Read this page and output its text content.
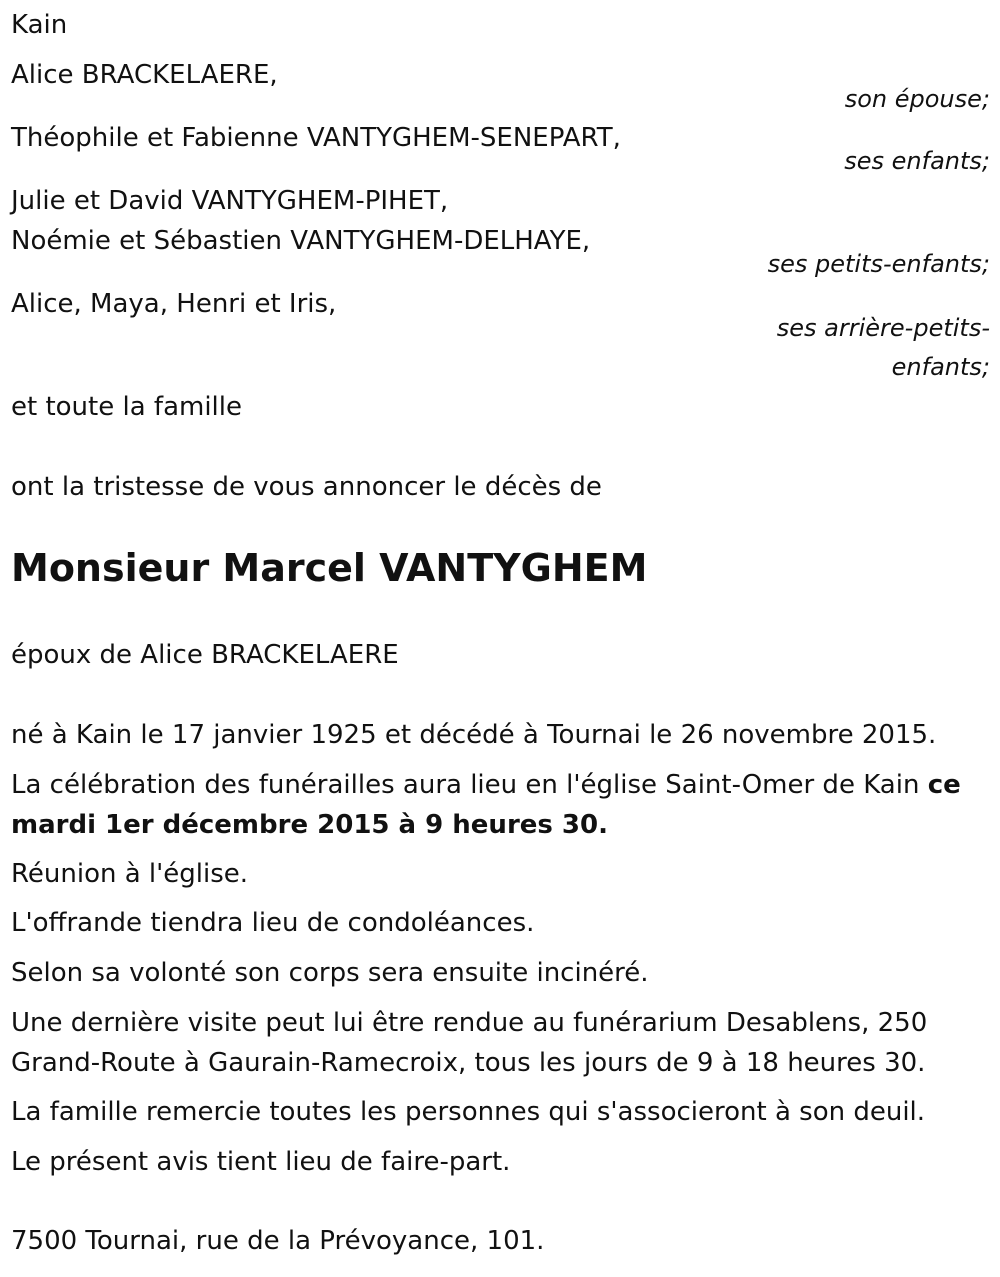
Kain
Alice BRACKELAERE,
son épouse;
Théophile et Fabienne VANTYGHEM-SENEPART,
ses enfants;
Julie et David VANTYGHEM-PIHET,
Noémie et Sébastien VANTYGHEM-DELHAYE,
ses petits-enfants;
Alice, Maya, Henri et Iris,
ses arrière-petits-
enfants;
et toute la famille
ont la tristesse de vous annoncer le décès de
Monsieur Marcel VANTYGHEM
époux de Alice BRACKELAERE
né à Kain le 17 janvier 1925 et décédé à Tournai le 26 novembre 2015.
La célébration des funérailles aura lieu en l'église Saint-Omer de Kain ce mardi 1er décembre 2015 à 9 heures 30.
Réunion à l'église.
L'offrande tiendra lieu de condoléances.
Selon sa volonté son corps sera ensuite incinéré.
Une dernière visite peut lui être rendue au funérarium Desablens, 250 Grand-Route à Gaurain-Ramecroix, tous les jours de 9 à 18 heures 30.
La famille remercie toutes les personnes qui s'associeront à son deuil.
Le présent avis tient lieu de faire-part.
7500 Tournai, rue de la Prévoyance, 101.
